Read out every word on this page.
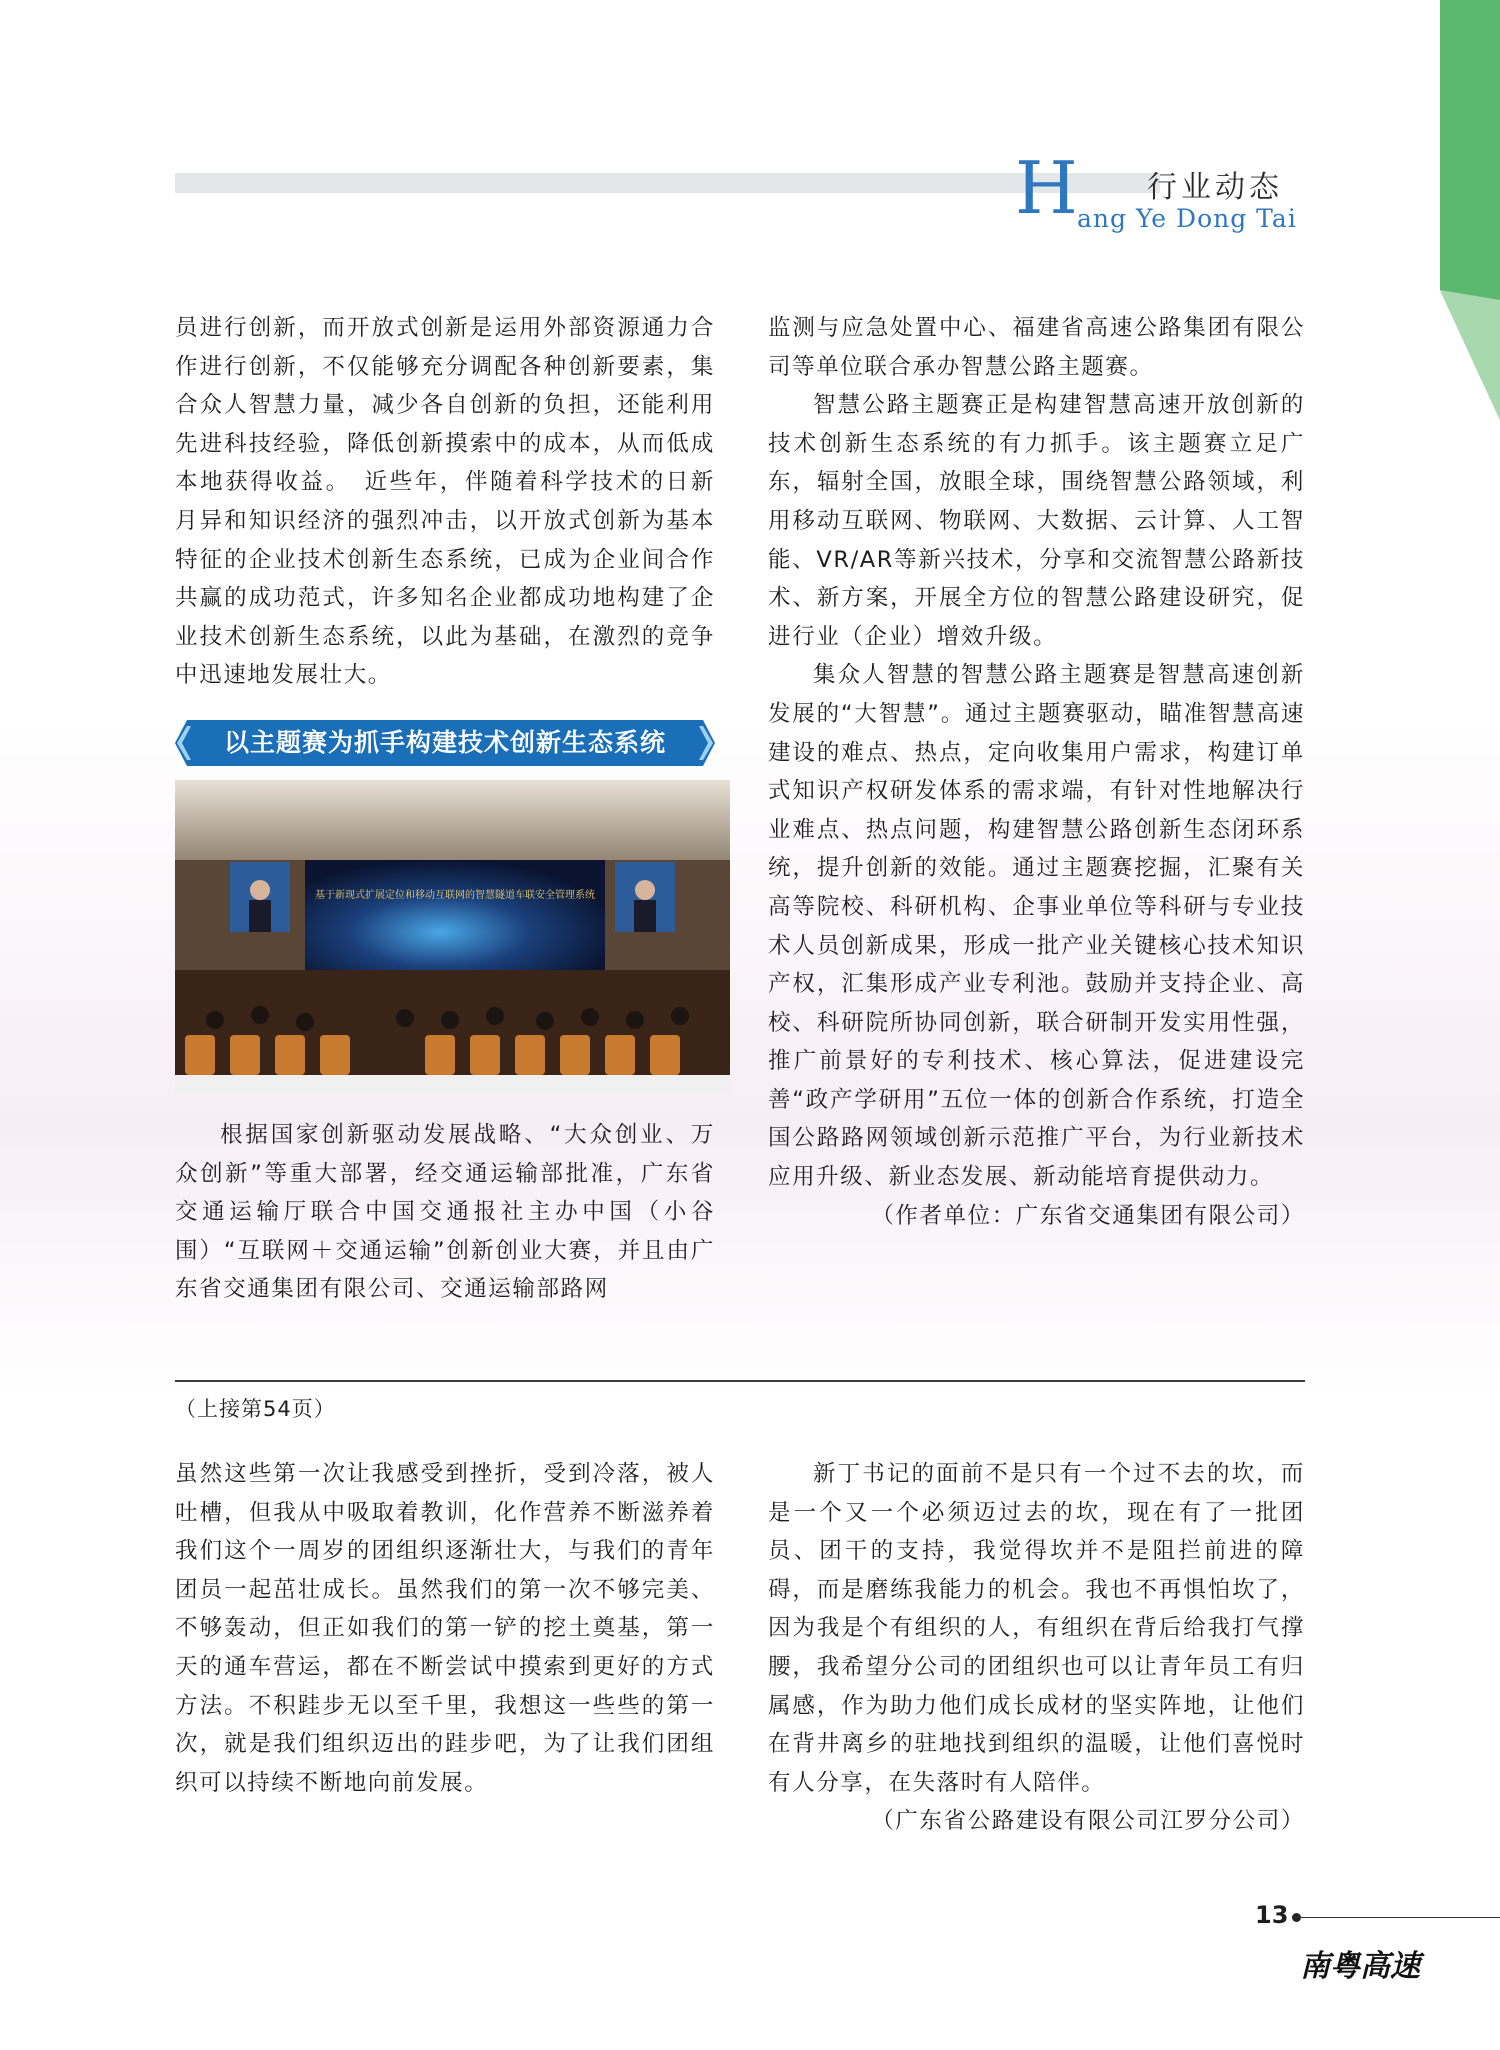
H 行业动态
ang Ye Dong Tai

员进行创新，而开放式创新是运用外部资源通力合作进行创新，不仅能够充分调配各种创新要素，集合众人智慧力量，减少各自创新的负担，还能利用先进科技经验，降低创新摸索中的成本，从而低成本地获得收益。　近些年，伴随着科学技术的日新月异和知识经济的强烈冲击，以开放式创新为基本特征的企业技术创新生态系统，已成为企业间合作共赢的成功范式，许多知名企业都成功地构建了企业技术创新生态系统，以此为基础，在激烈的竞争中迅速地发展壮大。

以主题赛为抓手构建技术创新生态系统
基于新现式扩展定位和移动互联网的智慧隧道车联安全管理系统

根据国家创新驱动发展战略、“大众创业、万众创新”等重大部署，经交通运输部批准，广东省交通运输厅联合中国交通报社主办中国（小谷围）“互联网＋交通运输”创新创业大赛，并且由广东省交通集团有限公司、交通运输部路网

监测与应急处置中心、福建省高速公路集团有限公司等单位联合承办智慧公路主题赛。

智慧公路主题赛正是构建智慧高速开放创新的技术创新生态系统的有力抓手。该主题赛立足广东，辐射全国，放眼全球，围绕智慧公路领域，利用移动互联网、物联网、大数据、云计算、人工智能、VR/AR等新兴技术，分享和交流智慧公路新技术、新方案，开展全方位的智慧公路建设研究，促进行业（企业）增效升级。

集众人智慧的智慧公路主题赛是智慧高速创新发展的“大智慧”。通过主题赛驱动，瞄准智慧高速建设的难点、热点，定向收集用户需求，构建订单式知识产权研发体系的需求端，有针对性地解决行业难点、热点问题，构建智慧公路创新生态闭环系统，提升创新的效能。通过主题赛挖掘，汇聚有关高等院校、科研机构、企事业单位等科研与专业技术人员创新成果，形成一批产业关键核心技术知识产权，汇集形成产业专利池。鼓励并支持企业、高校、科研院所协同创新，联合研制开发实用性强，推广前景好的专利技术、核心算法，促进建设完善“政产学研用”五位一体的创新合作系统，打造全国公路路网领域创新示范推广平台，为行业新技术应用升级、新业态发展、新动能培育提供动力。

（作者单位：广东省交通集团有限公司）

（上接第54页）

虽然这些第一次让我感受到挫折，受到冷落，被人吐槽，但我从中吸取着教训，化作营养不断滋养着我们这个一周岁的团组织逐渐壮大，与我们的青年团员一起茁壮成长。虽然我们的第一次不够完美、不够轰动，但正如我们的第一铲的挖土奠基，第一天的通车营运，都在不断尝试中摸索到更好的方式方法。不积跬步无以至千里，我想这一些些的第一次，就是我们组织迈出的跬步吧，为了让我们团组织可以持续不断地向前发展。

新丁书记的面前不是只有一个过不去的坎，而是一个又一个必须迈过去的坎，现在有了一批团员、团干的支持，我觉得坎并不是阻拦前进的障碍，而是磨练我能力的机会。我也不再惧怕坎了，因为我是个有组织的人，有组织在背后给我打气撑腰，我希望分公司的团组织也可以让青年员工有归属感，作为助力他们成长成材的坚实阵地，让他们在背井离乡的驻地找到组织的温暖，让他们喜悦时有人分享，在失落时有人陪伴。

（广东省公路建设有限公司江罗分公司）

13
南粤高速
